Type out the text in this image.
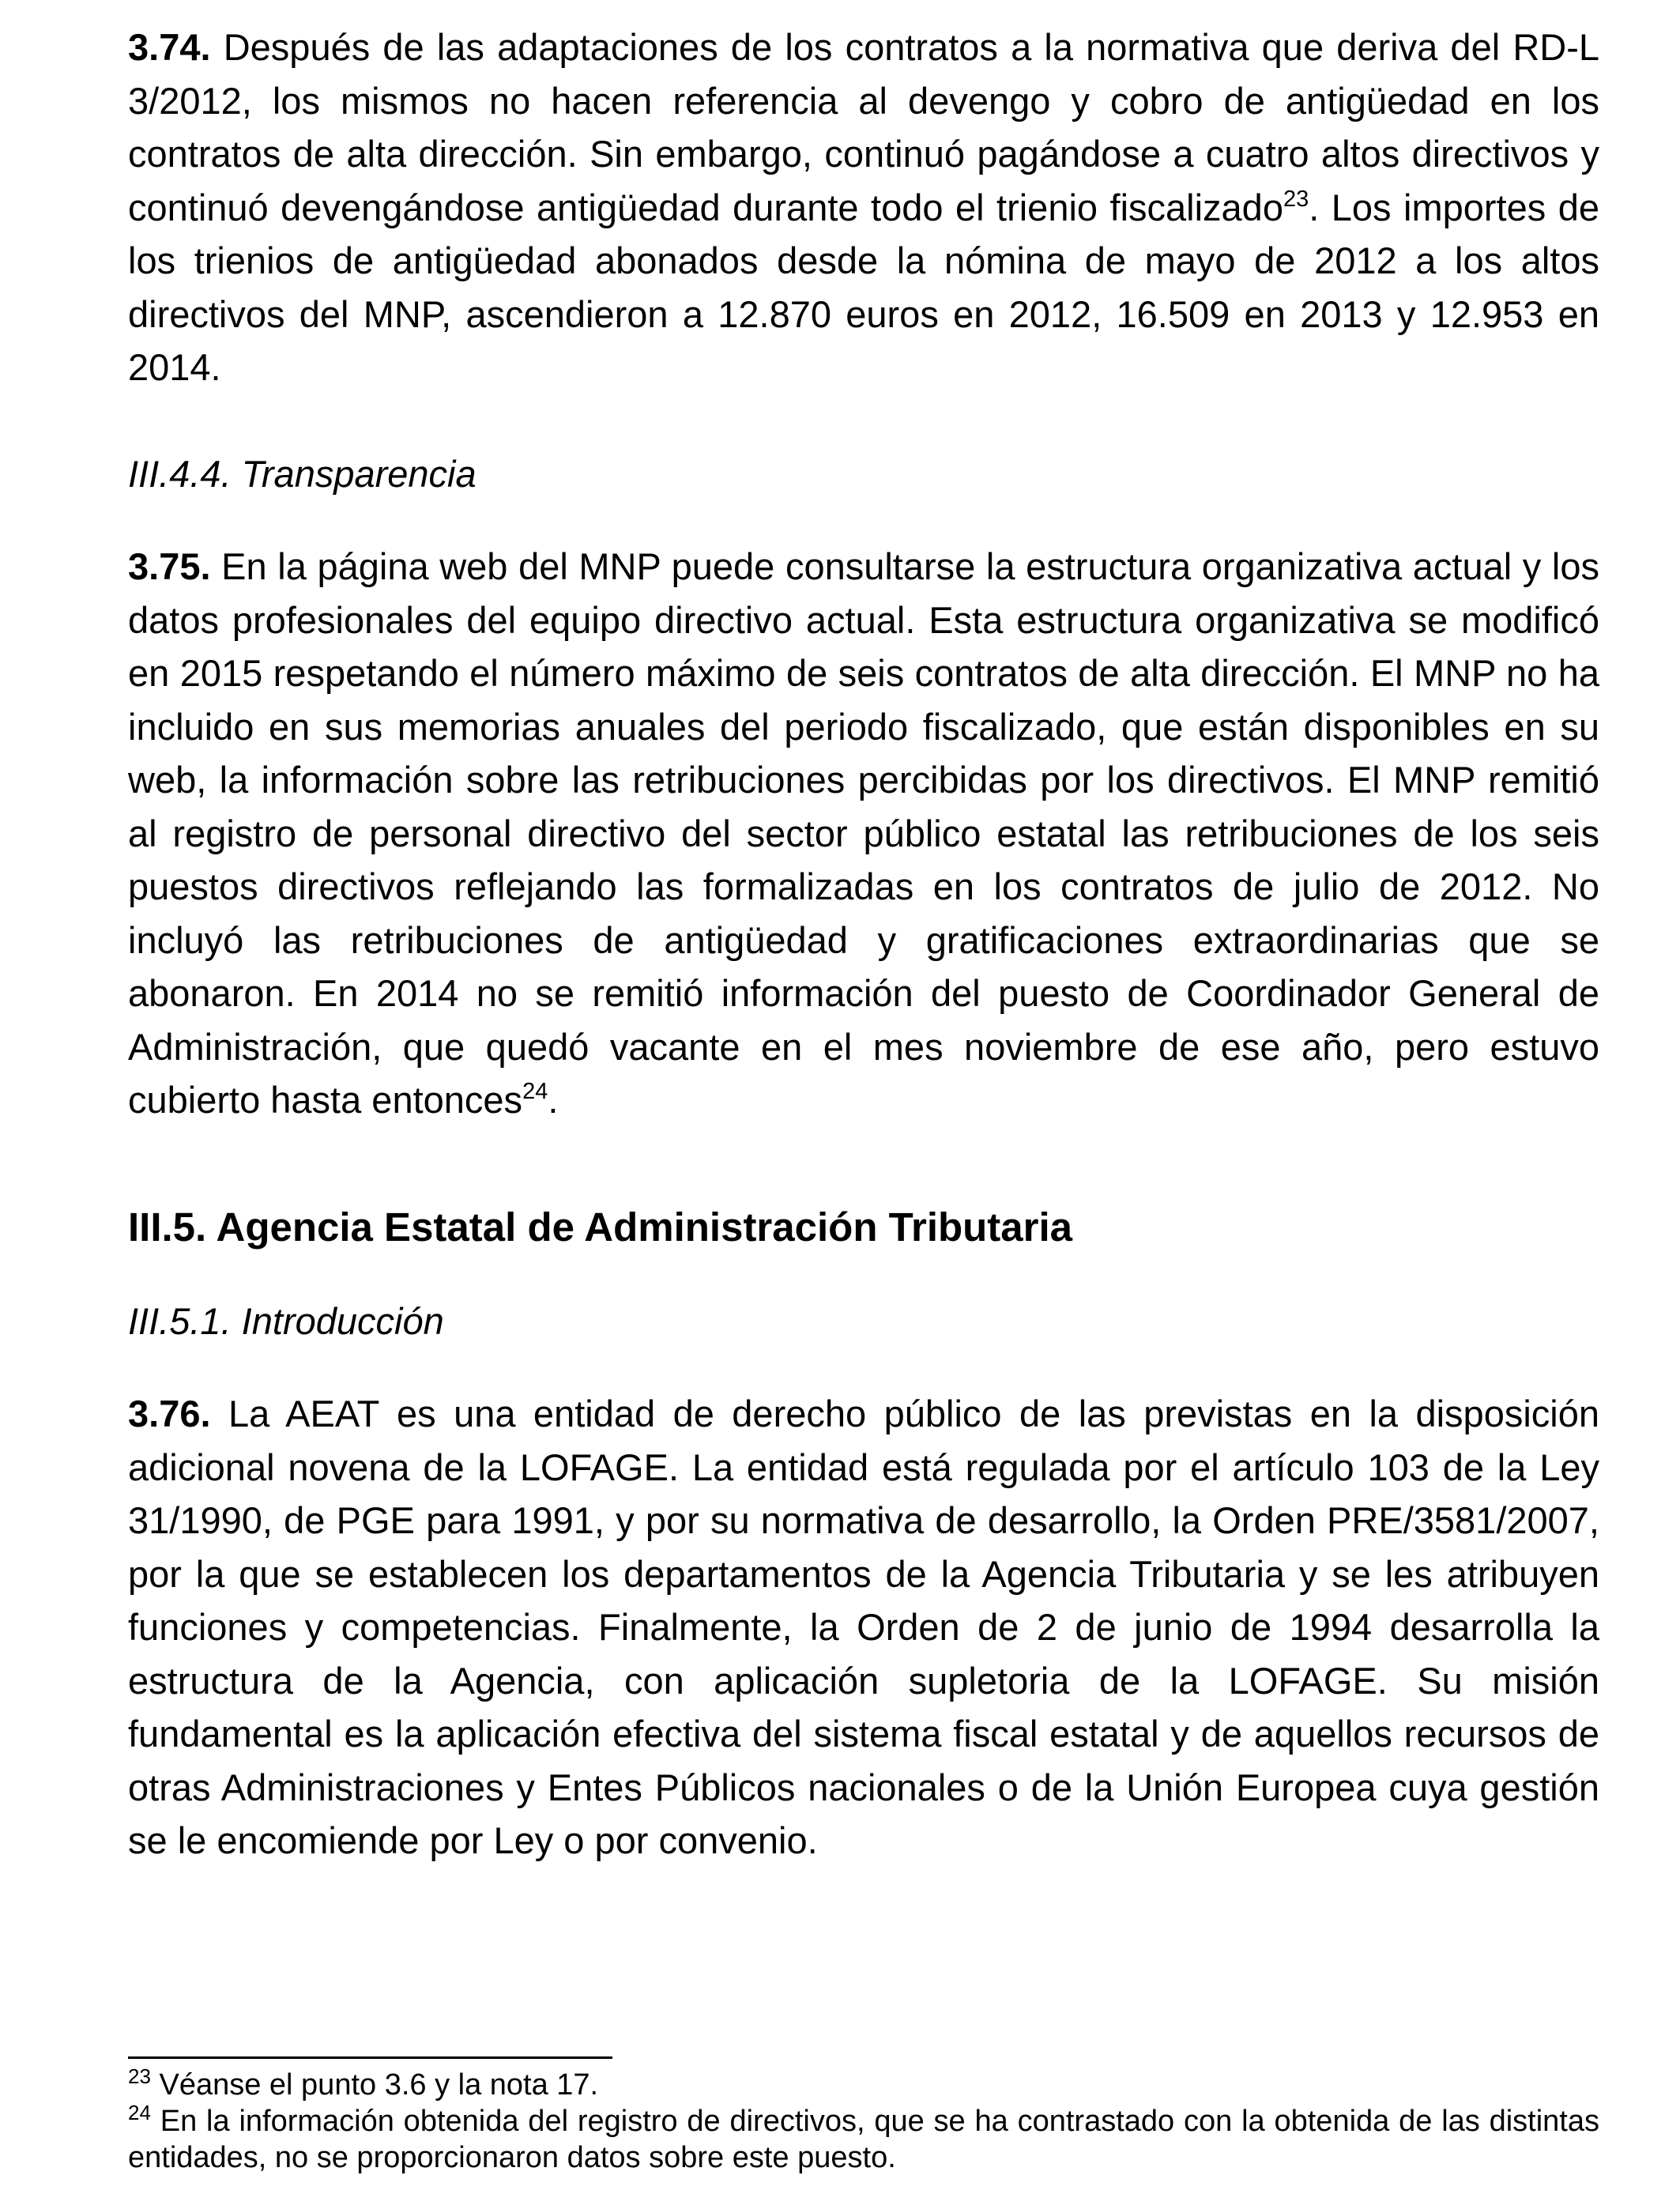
3.74. Después de las adaptaciones de los contratos a la normativa que deriva del RD-L 3/2012, los mismos no hacen referencia al devengo y cobro de antigüedad en los contratos de alta dirección. Sin embargo, continuó pagándose a cuatro altos directivos y continuó devengándose antigüedad durante todo el trienio fiscalizado$^{23}$. Los importes de los trienios de antigüedad abonados desde la nómina de mayo de 2012 a los altos directivos del MNP, ascendieron a 12.870 euros en 2012, 16.509 en 2013 y 12.953 en 2014.

III.4.4. Transparencia

3.75. En la página web del MNP puede consultarse la estructura organizativa actual y los datos profesionales del equipo directivo actual. Esta estructura organizativa se modificó en 2015 respetando el número máximo de seis contratos de alta dirección. El MNP no ha incluido en sus memorias anuales del periodo fiscalizado, que están disponibles en su web, la información sobre las retribuciones percibidas por los directivos. El MNP remitió al registro de personal directivo del sector público estatal las retribuciones de los seis puestos directivos reflejando las formalizadas en los contratos de julio de 2012. No incluyó las retribuciones de antigüedad y gratificaciones extraordinarias que se abonaron. En 2014 no se remitió información del puesto de Coordinador General de Administración, que quedó vacante en el mes noviembre de ese año, pero estuvo cubierto hasta entonces$^{24}$.

III.5. Agencia Estatal de Administración Tributaria

III.5.1. Introducción

3.76. La AEAT es una entidad de derecho público de las previstas en la disposición adicional novena de la LOFAGE. La entidad está regulada por el artículo 103 de la Ley 31/1990, de PGE para 1991, y por su normativa de desarrollo, la Orden PRE/3581/2007, por la que se establecen los departamentos de la Agencia Tributaria y se les atribuyen funciones y competencias. Finalmente, la Orden de 2 de junio de 1994 desarrolla la estructura de la Agencia, con aplicación supletoria de la LOFAGE. Su misión fundamental es la aplicación efectiva del sistema fiscal estatal y de aquellos recursos de otras Administraciones y Entes Públicos nacionales o de la Unión Europea cuya gestión se le encomiende por Ley o por convenio.

$^{23}$ Véanse el punto 3.6 y la nota 17.

$^{24}$ En la información obtenida del registro de directivos, que se ha contrastado con la obtenida de las distintas entidades, no se proporcionaron datos sobre este puesto.
